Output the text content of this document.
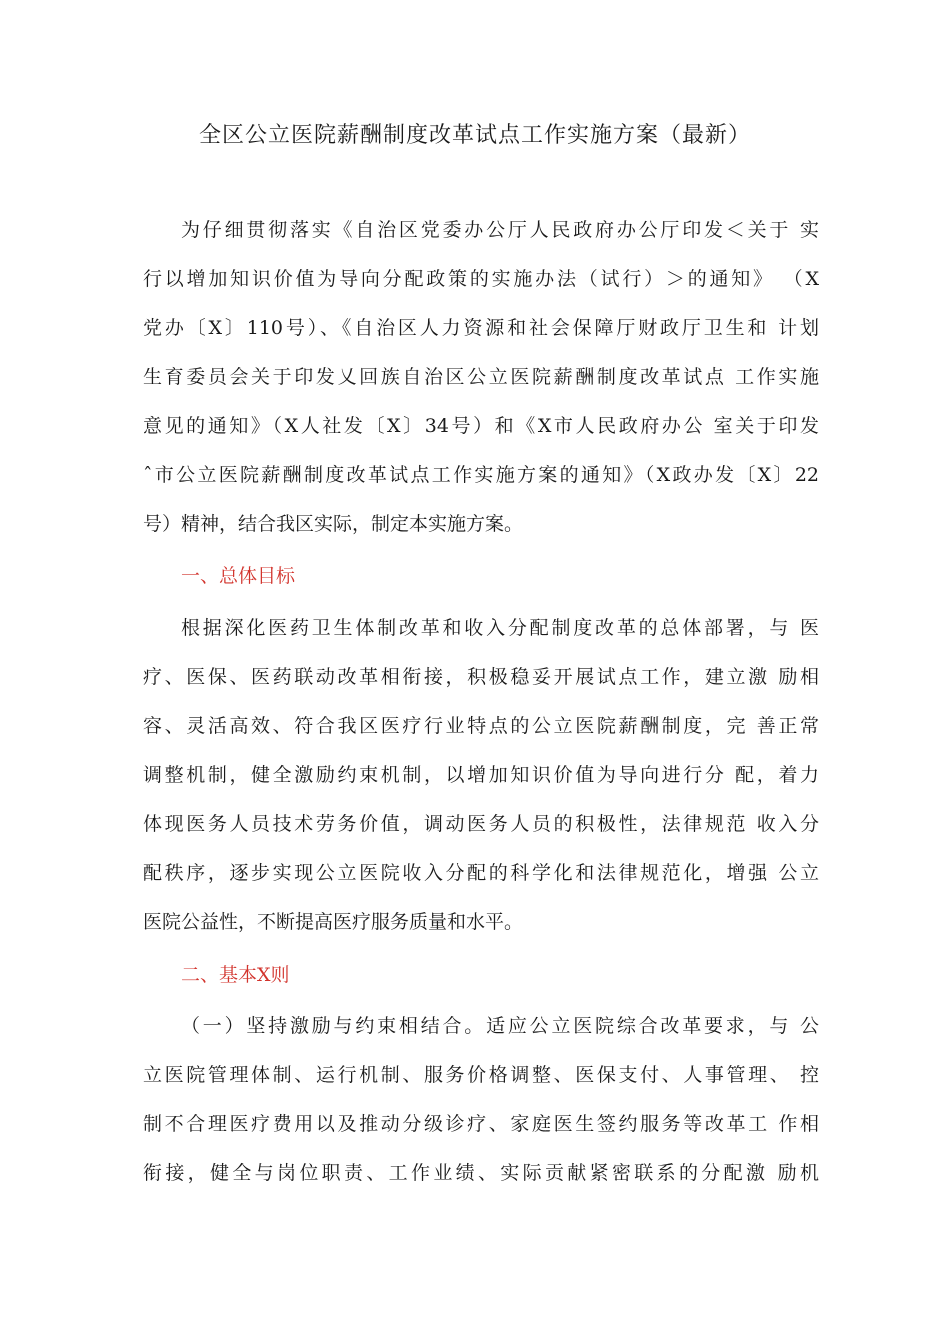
全区公立医院薪酬制度改革试点工作实施方案（最新）
为仔细贯彻落实《自治区党委办公厅人民政府办公厅印发＜关于 实
行以增加知识价值为导向分配政策的实施办法（试行）＞的通知》 （X
党办〔X〕110号）、《自治区人力资源和社会保障厅财政厅卫生和 计划
生育委员会关于印发乂回族自治区公立医院薪酬制度改革试点 工作实施
意见的通知》（X人社发〔X〕34号）和《X市人民政府办公 室关于印发
ˆ市公立医院薪酬制度改革试点工作实施方案的通知》（X政办发〔X〕22
号）精神，结合我区实际，制定本实施方案。
一、总体目标
根据深化医药卫生体制改革和收入分配制度改革的总体部署，与 医
疗、医保、医药联动改革相衔接，积极稳妥开展试点工作，建立激 励相
容、灵活高效、符合我区医疗行业特点的公立医院薪酬制度，完 善正常
调整机制，健全激励约束机制，以增加知识价值为导向进行分 配，着力
体现医务人员技术劳务价值，调动医务人员的积极性，法律规范 收入分
配秩序，逐步实现公立医院收入分配的科学化和法律规范化，增强 公立
医院公益性，不断提高医疗服务质量和水平。
二、基本X则
（一）坚持激励与约束相结合。适应公立医院综合改革要求，与 公
立医院管理体制、运行机制、服务价格调整、医保支付、人事管理、 控
制不合理医疗费用以及推动分级诊疗、家庭医生签约服务等改革工 作相
衔接，健全与岗位职责、工作业绩、实际贡献紧密联系的分配激 励机
